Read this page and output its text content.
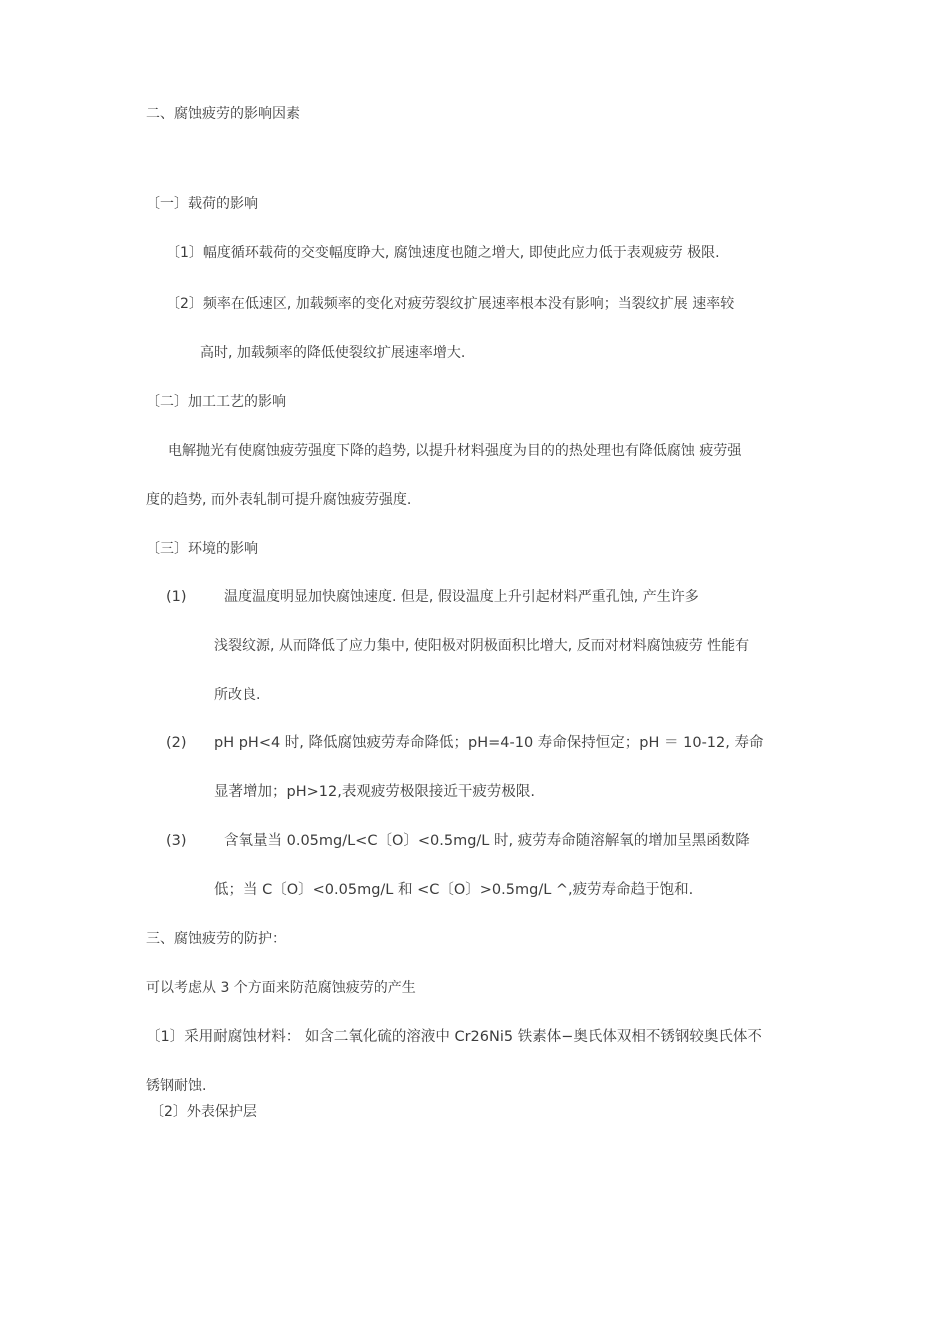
二、腐蚀疲劳的影响因素
〔一〕载荷的影响
〔1〕幅度循环载荷的交变幅度睁大, 腐蚀速度也随之增大, 即使此应力低于表观疲劳 极限.
〔2〕频率在低速区, 加载频率的变化对疲劳裂纹扩展速率根本没有影响；当裂纹扩展 速率较
高时, 加载频率的降低使裂纹扩展速率增大.
〔二〕加工工艺的影响
电解抛光有使腐蚀疲劳强度下降的趋势, 以提升材料强度为目的的热处理也有降低腐蚀 疲劳强
度的趋势, 而外表轧制可提升腐蚀疲劳强度.
〔三〕环境的影响
(1)	温度温度明显加快腐蚀速度. 但是, 假设温度上升引起材料严重孔蚀, 产生许多
浅裂纹源, 从而降低了应力集中, 使阳极对阴极面积比增大, 反而对材料腐蚀疲劳 性能有
所改良.
(2) pH pH<4 时, 降低腐蚀疲劳寿命降低；pH=4-10 寿命保持恒定；pH ＝ 10-12, 寿命
显著增加；pH>12,表观疲劳极限接近干疲劳极限.
(3)	含氧量当 0.05mg/L<C〔O〕<0.5mg/L 时, 疲劳寿命随溶解氧的增加呈黑函数降
低；当 C〔O〕<0.05mg/L 和 <C〔O〕>0.5mg/L ^,疲劳寿命趋于饱和.
三、腐蚀疲劳的防护：
可以考虑从 3 个方面来防范腐蚀疲劳的产生
〔1〕采用耐腐蚀材料： 如含二氧化硫的溶液中 Cr26Ni5 铁素体−奥氏体双相不锈钢较奥氏体不
锈钢耐蚀.
〔2〕外表保护层
